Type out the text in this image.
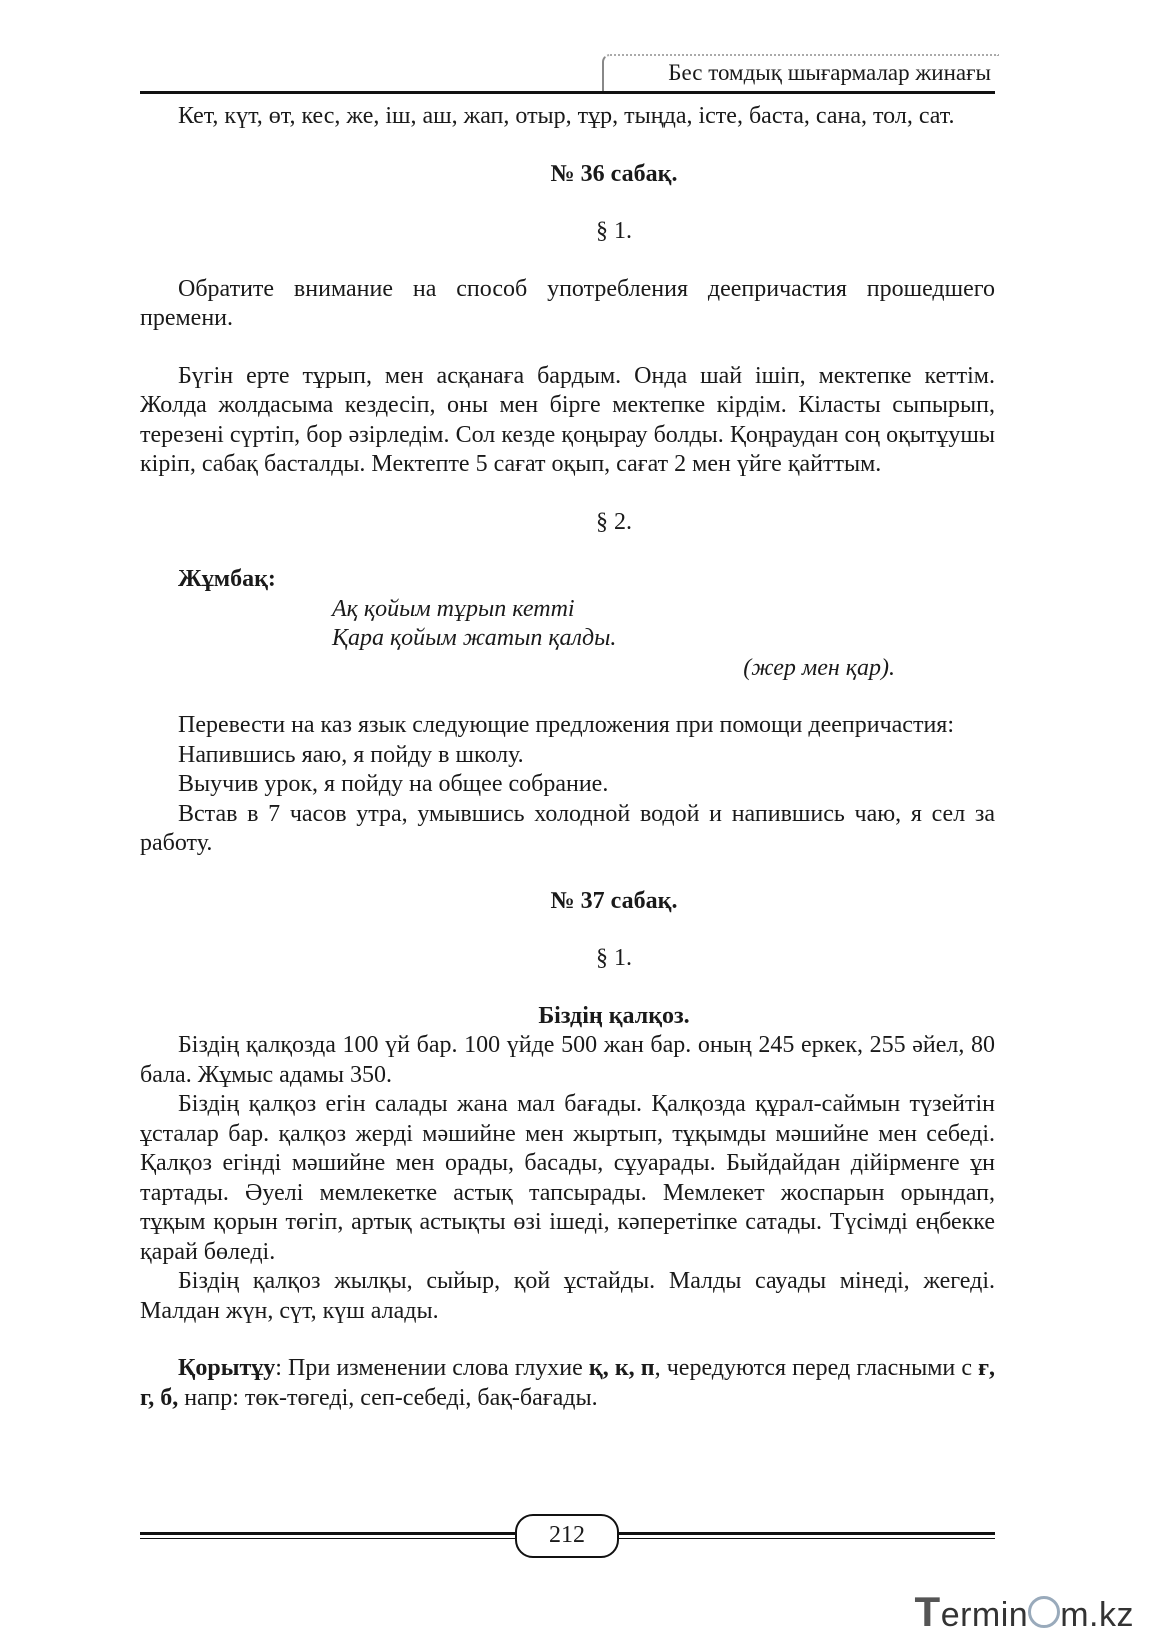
Бес томдық шығармалар жинағы

Кет, күт, өт, кес, же, іш, аш, жап, отыр, тұр, тыңда, істе, баста, сана, тол, сат.

№ 36 сабақ.

§ 1.

Обратите внимание на способ употребления деепричастия прошедшего премени.

Бүгін ерте тұрып, мен асқанаға бардым. Онда шай ішіп, мектепке кеттім. Жолда жолдасыма кездесіп, оны мен бірге мектепке кірдім. Кіласты сыпырып, терезені сүртіп, бор әзірледім. Сол кезде қоңырау болды. Қоңраудан соң оқытұушы кіріп, сабақ басталды. Мектепте 5 сағат оқып, сағат 2 мен үйге қайттым.

§ 2.

Жұмбақ:

Ақ қойым тұрып кетті

Қара қойым жатып қалды.

(жер мен қар).

Перевести на каз язык следующие предложения при помощи деепричастия:

Напившись яаю, я пойду в школу.

Выучив урок, я пойду на общее собрание.

Встав в 7 часов утра, умывшись холодной водой и напившись чаю, я сел за работу.

№ 37 сабақ.

§ 1.

Біздің қалқоз.

Біздің қалқозда 100 үй бар. 100 үйде 500 жан бар. оның 245 еркек, 255 әйел, 80 бала. Жұмыс адамы 350.

Біздің қалқоз егін салады жана мал бағады. Қалқозда құрал-саймын түзейтін ұсталар бар. қалқоз жерді мәшийне мен жыртып, тұқымды мәшийне мен себеді. Қалқоз егінді мәшийне мен орады, басады, сұуарады. Быйдайдан дійірменге ұн тартады. Әуелі мемлекетке астық тапсырады. Мемлекет жоспарын орындап, тұқым қорын төгіп, артық астықты өзі ішеді, кәперетіпке сатады. Түсімді еңбекке қарай бөледі.

Біздің қалқоз жылқы, сыйыр, қой ұстайды. Малды сауады мінеді, жегеді. Малдан жүн, сүт, күш алады.

Қорытұу: При изменении слова глухие қ, к, п, чередуются перед гласными с ғ, г, б, напр: төк-төгеді, сеп-себеді, бақ-бағады.

212
Termin m.kz
